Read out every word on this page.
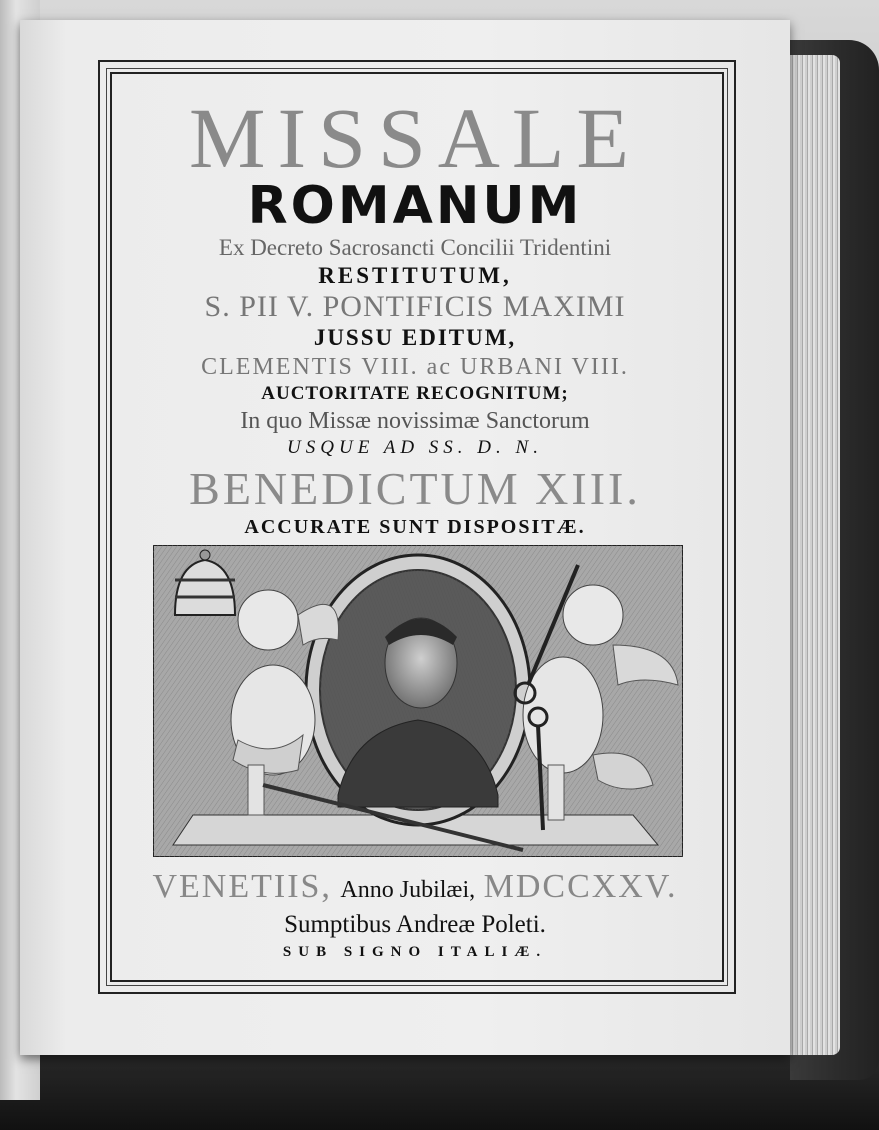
MISSALE
ROMANUM
Ex Decreto Sacrosancti Concilii Tridentini
RESTITUTUM,
S. PII V. PONTIFICIS MAXIMI
JUSSU EDITUM,
CLEMENTIS VIII. ac URBANI VIII.
AUCTORITATE RECOGNITUM;
In quo Missæ novissimæ Sanctorum
USQUE AD SS. D. N.
BENEDICTUM XIII.
ACCURATE SUNT DISPOSITÆ.
VENETIIS, Anno Jubilæi, MDCCXXV.
Sumptibus Andreæ Poleti.
SUB SIGNO ITALIÆ.
